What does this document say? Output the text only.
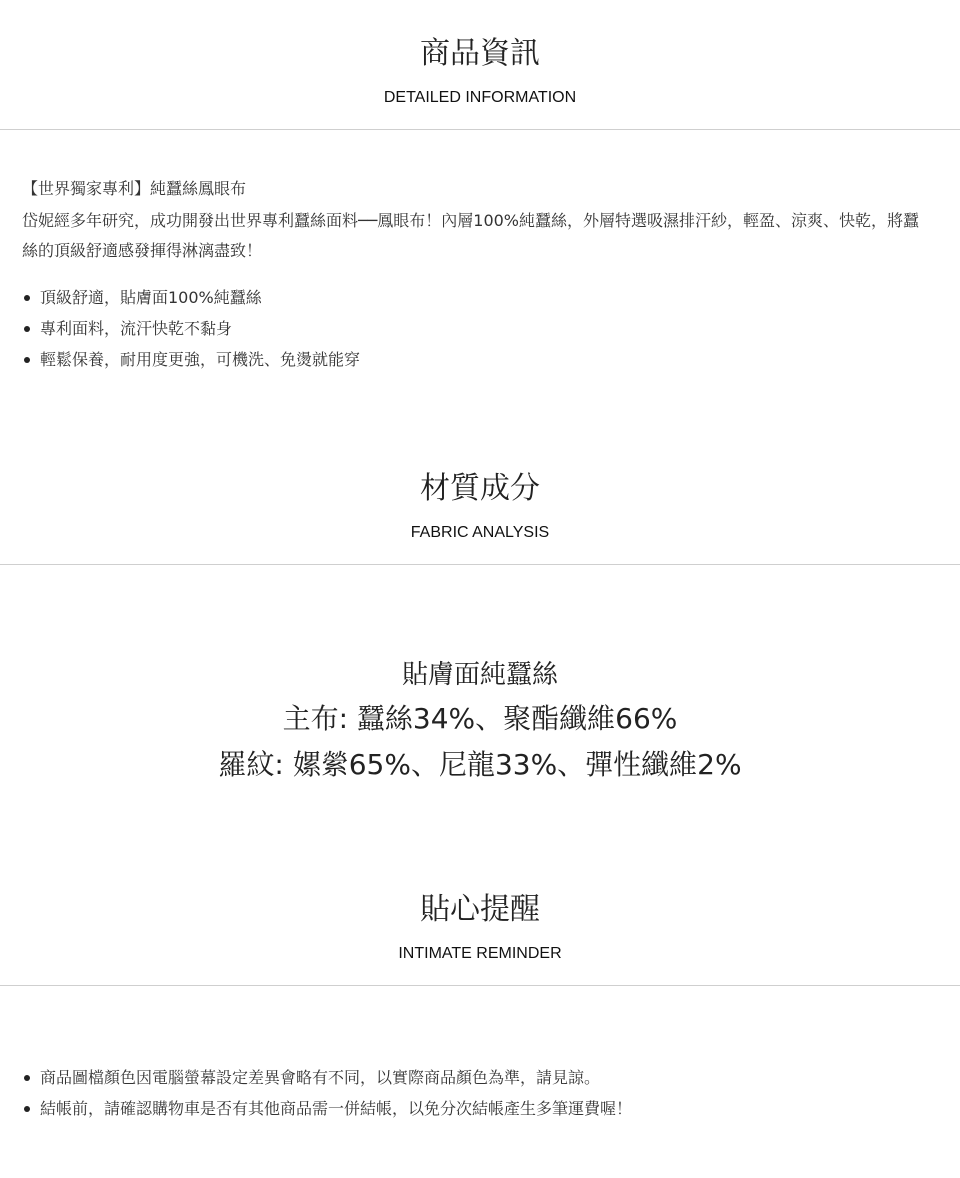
商品資訊
DETAILED INFORMATION
【世界獨家專利】純蠶絲鳳眼布
岱妮經多年研究，成功開發出世界專利蠶絲面料──鳳眼布！內層100%純蠶絲，外層特選吸濕排汗紗，輕盈、涼爽、快乾，將蠶絲的頂級舒適感發揮得淋漓盡致！
頂級舒適，貼膚面100%純蠶絲
專利面料，流汗快乾不黏身
輕鬆保養，耐用度更強，可機洗、免燙就能穿
材質成分
FABRIC ANALYSIS
貼膚面純蠶絲
主布: 蠶絲34%、聚酯纖維66%
羅紋: 嫘縈65%、尼龍33%、彈性纖維2%
貼心提醒
INTIMATE REMINDER
商品圖檔顏色因電腦螢幕設定差異會略有不同，以實際商品顏色為準，請見諒。
結帳前，請確認購物車是否有其他商品需一併結帳，以免分次結帳產生多筆運費喔！
